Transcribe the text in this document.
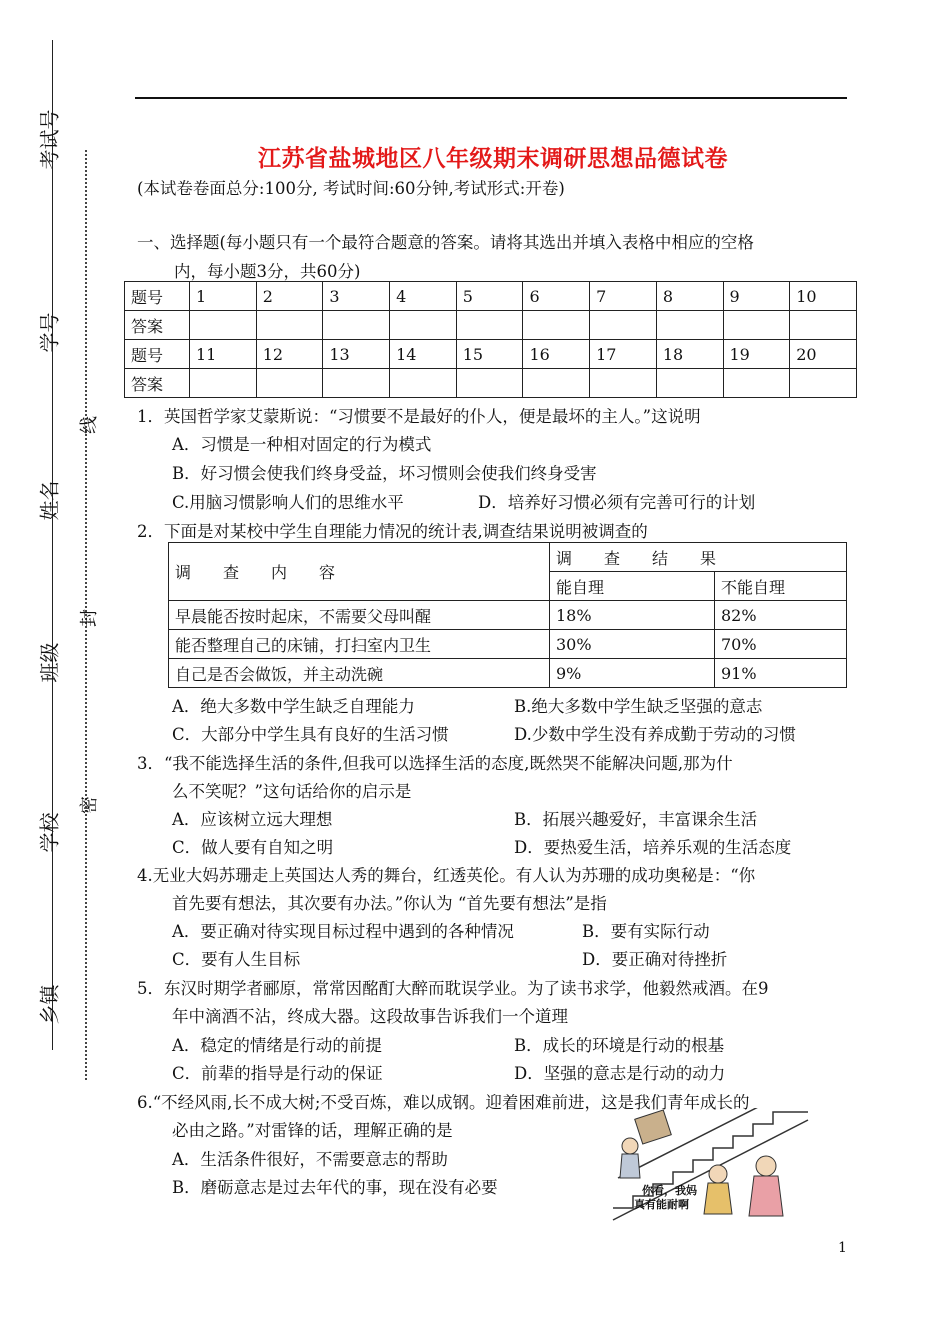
考试号
学号
姓名
班级
学校
乡镇
线
封
密
江苏省盐城地区八年级期末调研思想品德试卷
(本试卷卷面总分:100分, 考试时间:60分钟,考试形式:开卷)
一、选择题(每小题只有一个最符合题意的答案。请将其选出并填入表格中相应的空格
内，每小题3分，共60分)
题号	1	2	3	4	5	6	7	8	9	10
答案										
题号	11	12	13	14	15	16	17	18	19	20
答案										
1．英国哲学家艾蒙斯说：“习惯要不是最好的仆人，便是最坏的主人。”这说明
A．习惯是一种相对固定的行为模式
B．好习惯会使我们终身受益，坏习惯则会使我们终身受害
C.用脑习惯影响人们的思维水平	D．培养好习惯必须有完善可行的计划
2．下面是对某校中学生自理能力情况的统计表,调查结果说明被调查的
调　　查　　内　　容	调　　查　　结　　果	
	能自理	不能自理
早晨能否按时起床，不需要父母叫醒	18%	82%
能否整理自己的床铺，打扫室内卫生	30%	70%
自己是否会做饭，并主动洗碗	9%	91%
A．绝大多数中学生缺乏自理能力	B.绝大多数中学生缺乏坚强的意志
C．大部分中学生具有良好的生活习惯	D.少数中学生没有养成勤于劳动的习惯
3．“我不能选择生活的条件,但我可以选择生活的态度,既然哭不能解决问题,那为什
么不笑呢？”这句话给你的启示是
A．应该树立远大理想	B．拓展兴趣爱好，丰富课余生活
C．做人要有自知之明	D．要热爱生活，培养乐观的生活态度
4.无业大妈苏珊走上英国达人秀的舞台，红透英伦。有人认为苏珊的成功奥秘是：“你
首先要有想法，其次要有办法。”你认为 “首先要有想法”是指
A．要正确对待实现目标过程中遇到的各种情况	B．要有实际行动
C．要有人生目标	D．要正确对待挫折
5．东汉时期学者郦原，常常因酩酊大醉而耽误学业。为了读书求学，他毅然戒酒。在9
年中滴酒不沾，终成大器。这段故事告诉我们一个道理
A．稳定的情绪是行动的前提	B．成长的环境是行动的根基
C．前辈的指导是行动的保证	D．坚强的意志是行动的动力
6.“不经风雨,长不成大树;不受百炼，难以成钢。迎着困难前进，这是我们青年成长的
必由之路。”对雷锋的话，理解正确的是
A．生活条件很好，不需要意志的帮助
B．磨砺意志是过去年代的事，现在没有必要	你看，我妈
真有能耐啊
1
